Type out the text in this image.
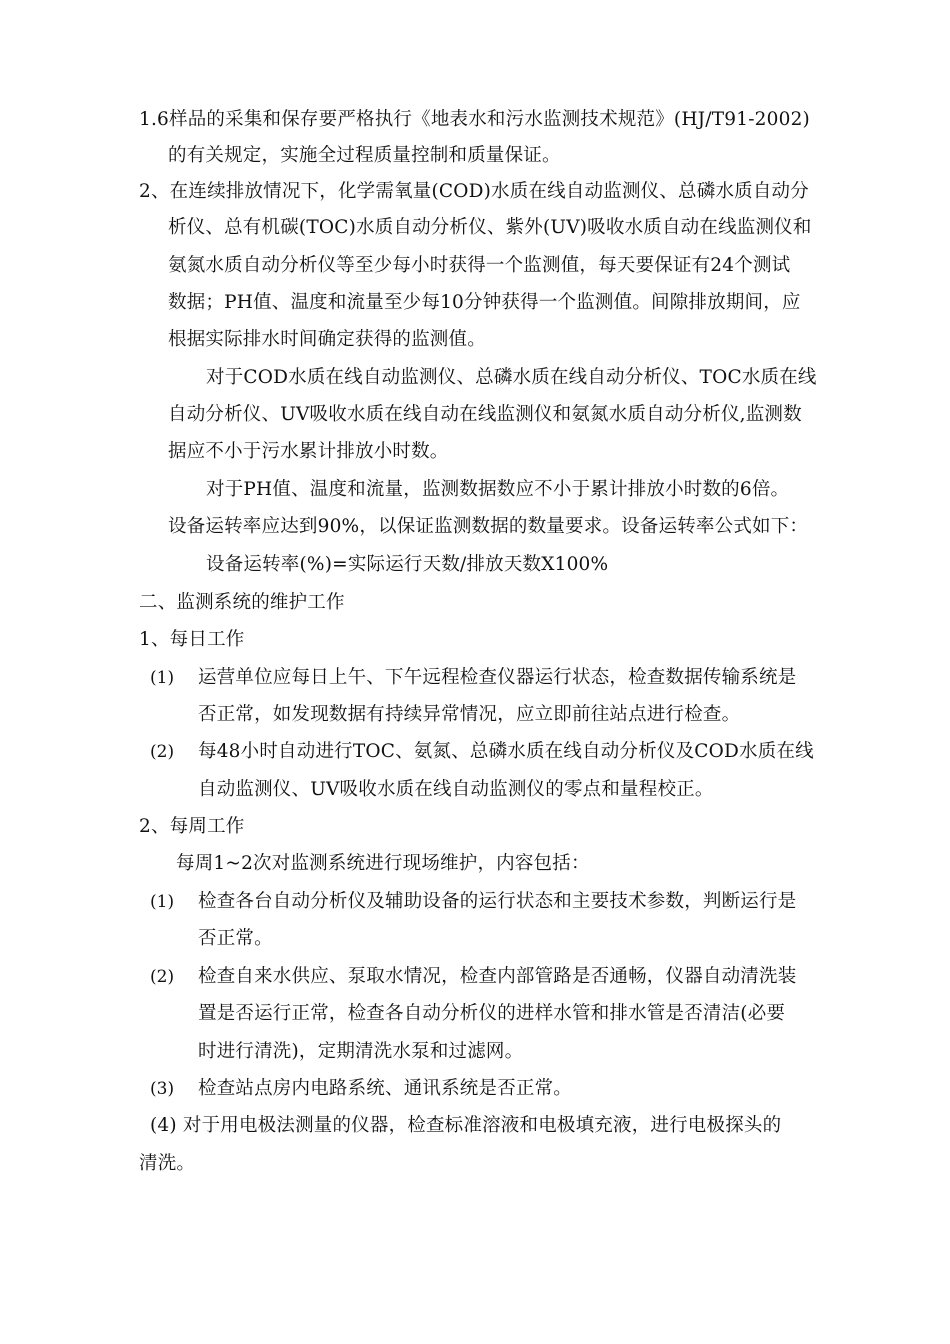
1.6样品的采集和保存要严格执行《地表水和污水监测技术规范》(HJ/T91-2002)
的有关规定，实施全过程质量控制和质量保证。
2、在连续排放情况下，化学需氧量(COD)水质在线自动监测仪、总磷水质自动分
析仪、总有机碳(TOC)水质自动分析仪、紫外(UV)吸收水质自动在线监测仪和
氨氮水质自动分析仪等至少每小时获得一个监测值，每天要保证有24个测试
数据；PH值、温度和流量至少每10分钟获得一个监测值。间隙排放期间，应
根据实际排水时间确定获得的监测值。
对于COD水质在线自动监测仪、总磷水质在线自动分析仪、TOC水质在线
自动分析仪、UV吸收水质在线自动在线监测仪和氨氮水质自动分析仪,监测数
据应不小于污水累计排放小时数。
对于PH值、温度和流量，监测数据数应不小于累计排放小时数的6倍。
设备运转率应达到90%，以保证监测数据的数量要求。设备运转率公式如下：
设备运转率(%)=实际运行天数/排放天数X100%
二、监测系统的维护工作
1、每日工作
(1) 运营单位应每日上午、下午远程检查仪器运行状态，检查数据传输系统是
否正常，如发现数据有持续异常情况，应立即前往站点进行检查。
(2) 每48小时自动进行TOC、氨氮、总磷水质在线自动分析仪及COD水质在线
自动监测仪、UV吸收水质在线自动监测仪的零点和量程校正。
2、每周工作
每周1~2次对监测系统进行现场维护，内容包括：
(1) 检查各台自动分析仪及辅助设备的运行状态和主要技术参数，判断运行是
否正常。
(2) 检查自来水供应、泵取水情况，检查内部管路是否通畅，仪器自动清洗装
置是否运行正常，检查各自动分析仪的进样水管和排水管是否清洁(必要
时进行清洗)，定期清洗水泵和过滤网。
(3) 检查站点房内电路系统、通讯系统是否正常。
(4) 对于用电极法测量的仪器，检查标准溶液和电极填充液，进行电极探头的
清洗。
